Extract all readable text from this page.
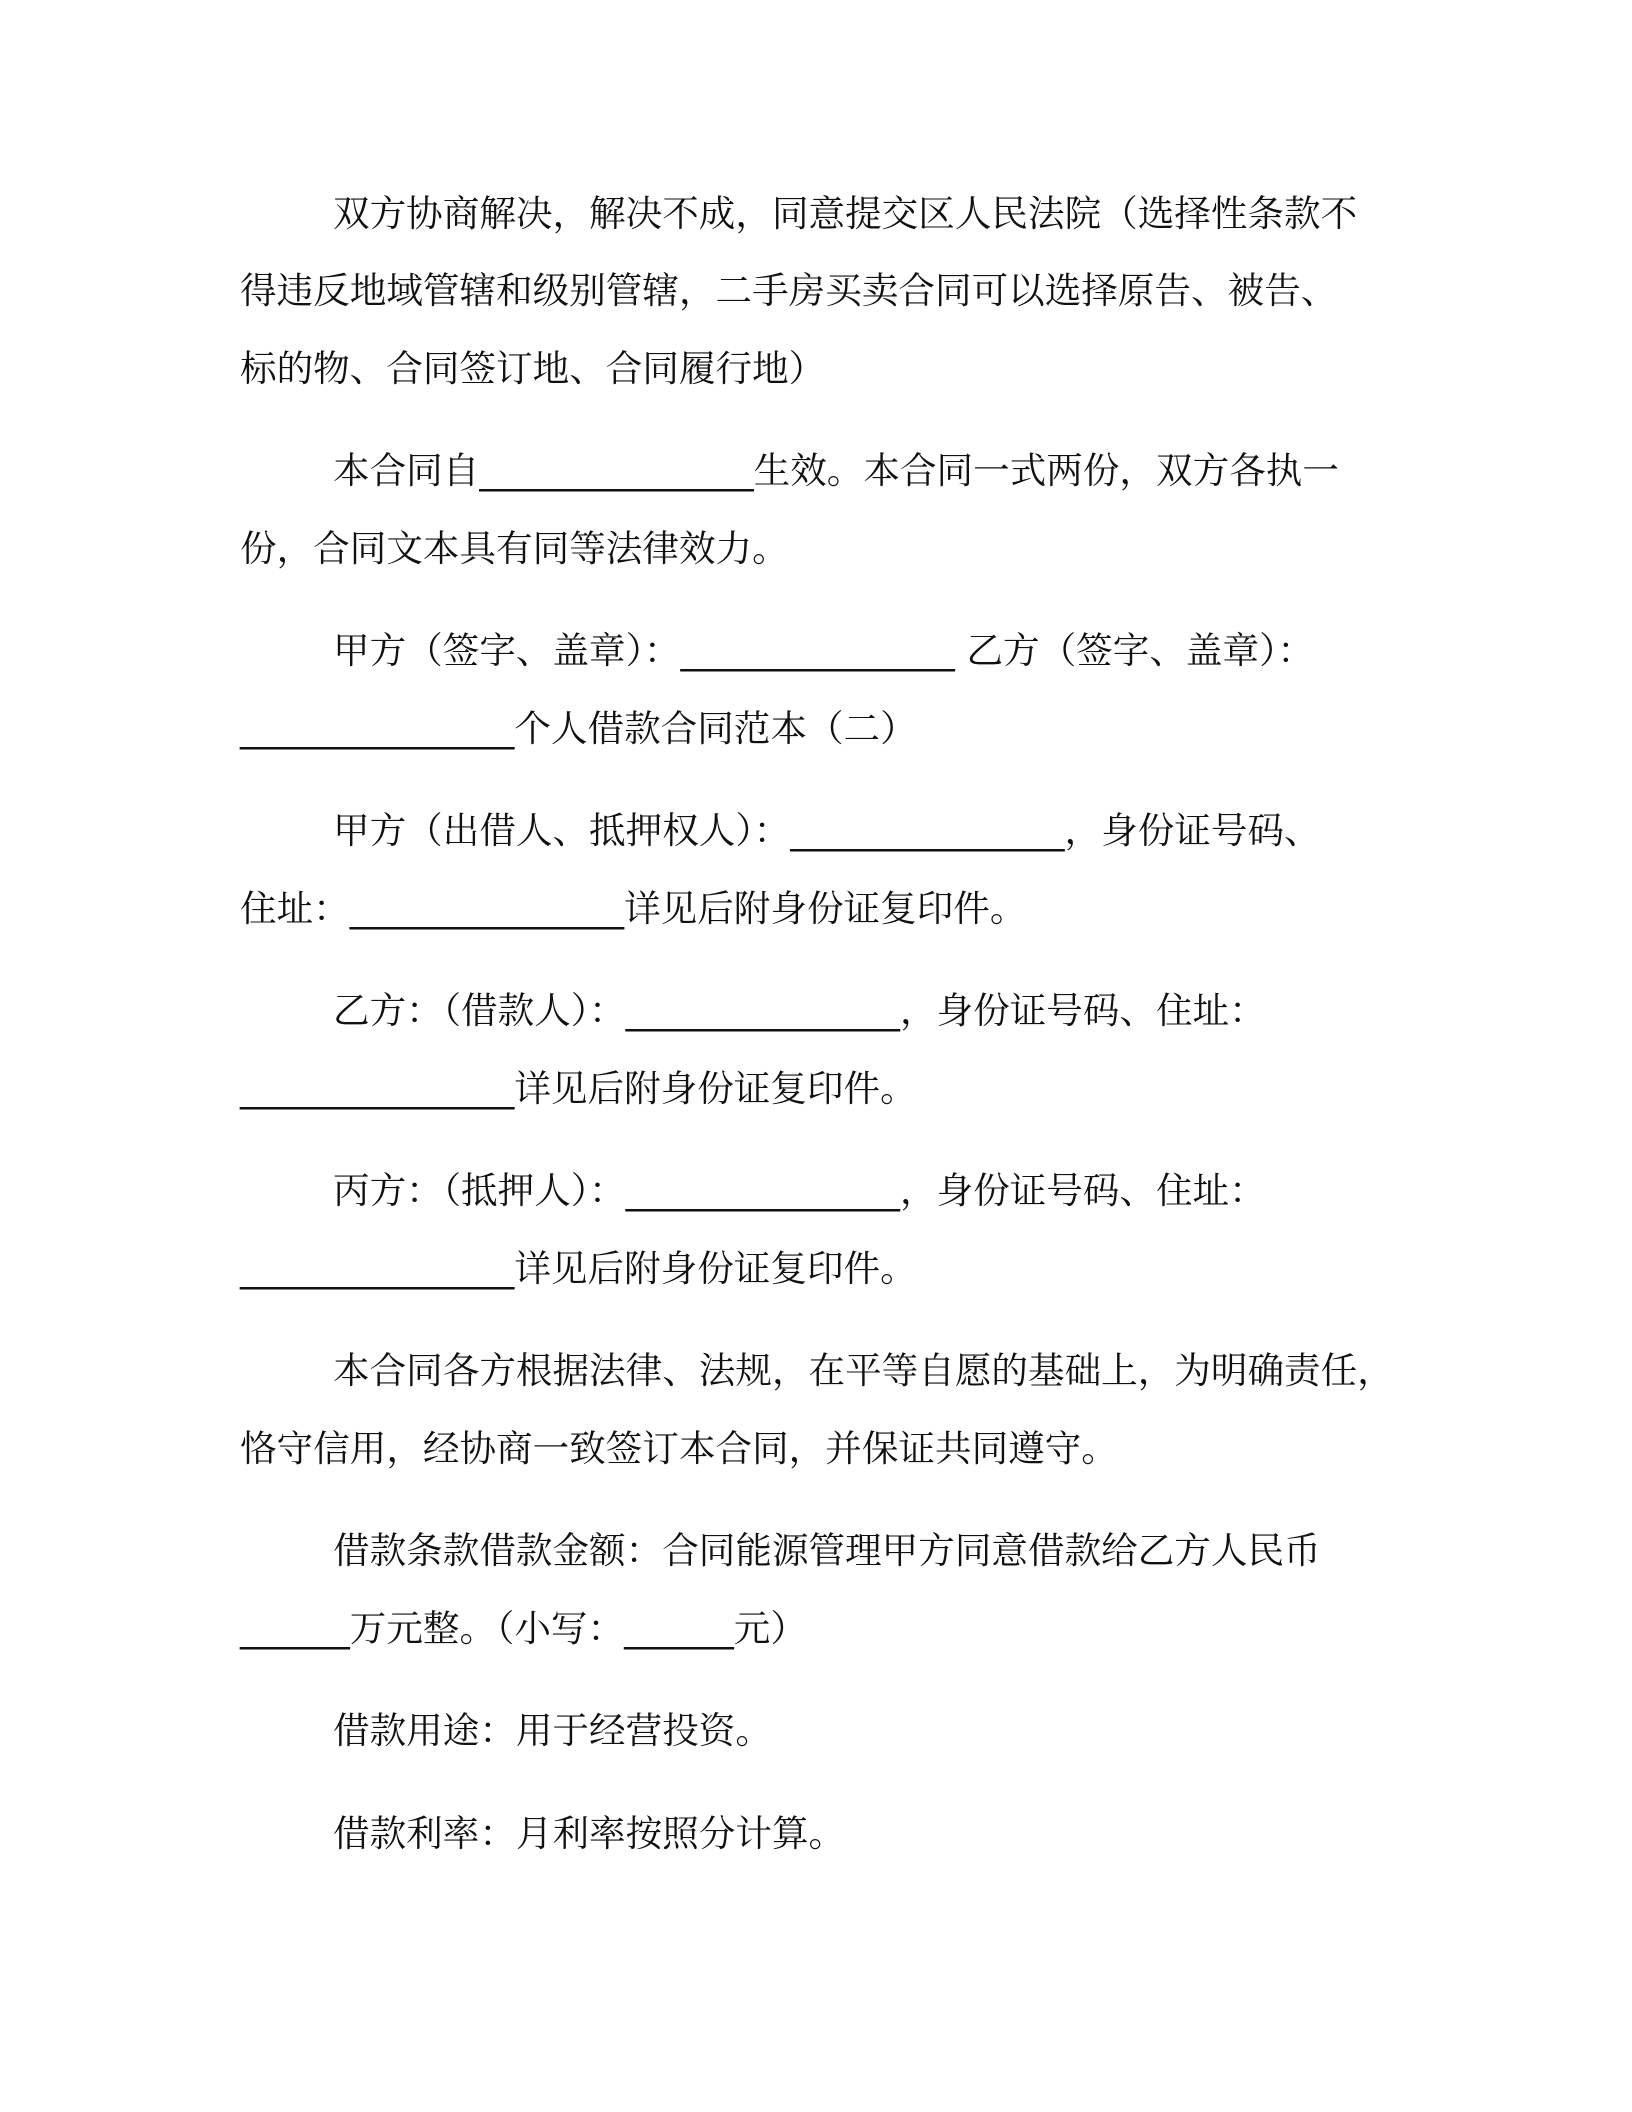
双方协商解决，解决不成，同意提交区人民法院（选择性条款不
得违反地域管辖和级别管辖，二手房买卖合同可以选择原告、被告、
标的物、合同签订地、合同履行地）
本合同自_______________生效。本合同一式两份，双方各执一
份，合同文本具有同等法律效力。
甲方（签字、盖章）：_______________ 乙方（签字、盖章）：
_______________个人借款合同范本（二）
甲方（出借人、抵押权人）：_______________，身份证号码、
住址：_______________详见后附身份证复印件。
乙方：（借款人）：_______________，身份证号码、住址：
_______________详见后附身份证复印件。
丙方：（抵押人）：_______________，身份证号码、住址：
_______________详见后附身份证复印件。
本合同各方根据法律、法规，在平等自愿的基础上，为明确责任，
恪守信用，经协商一致签订本合同，并保证共同遵守。
借款条款借款金额：合同能源管理甲方同意借款给乙方人民币
______万元整。（小写：______元）
借款用途：用于经营投资。
借款利率：月利率按照分计算。
